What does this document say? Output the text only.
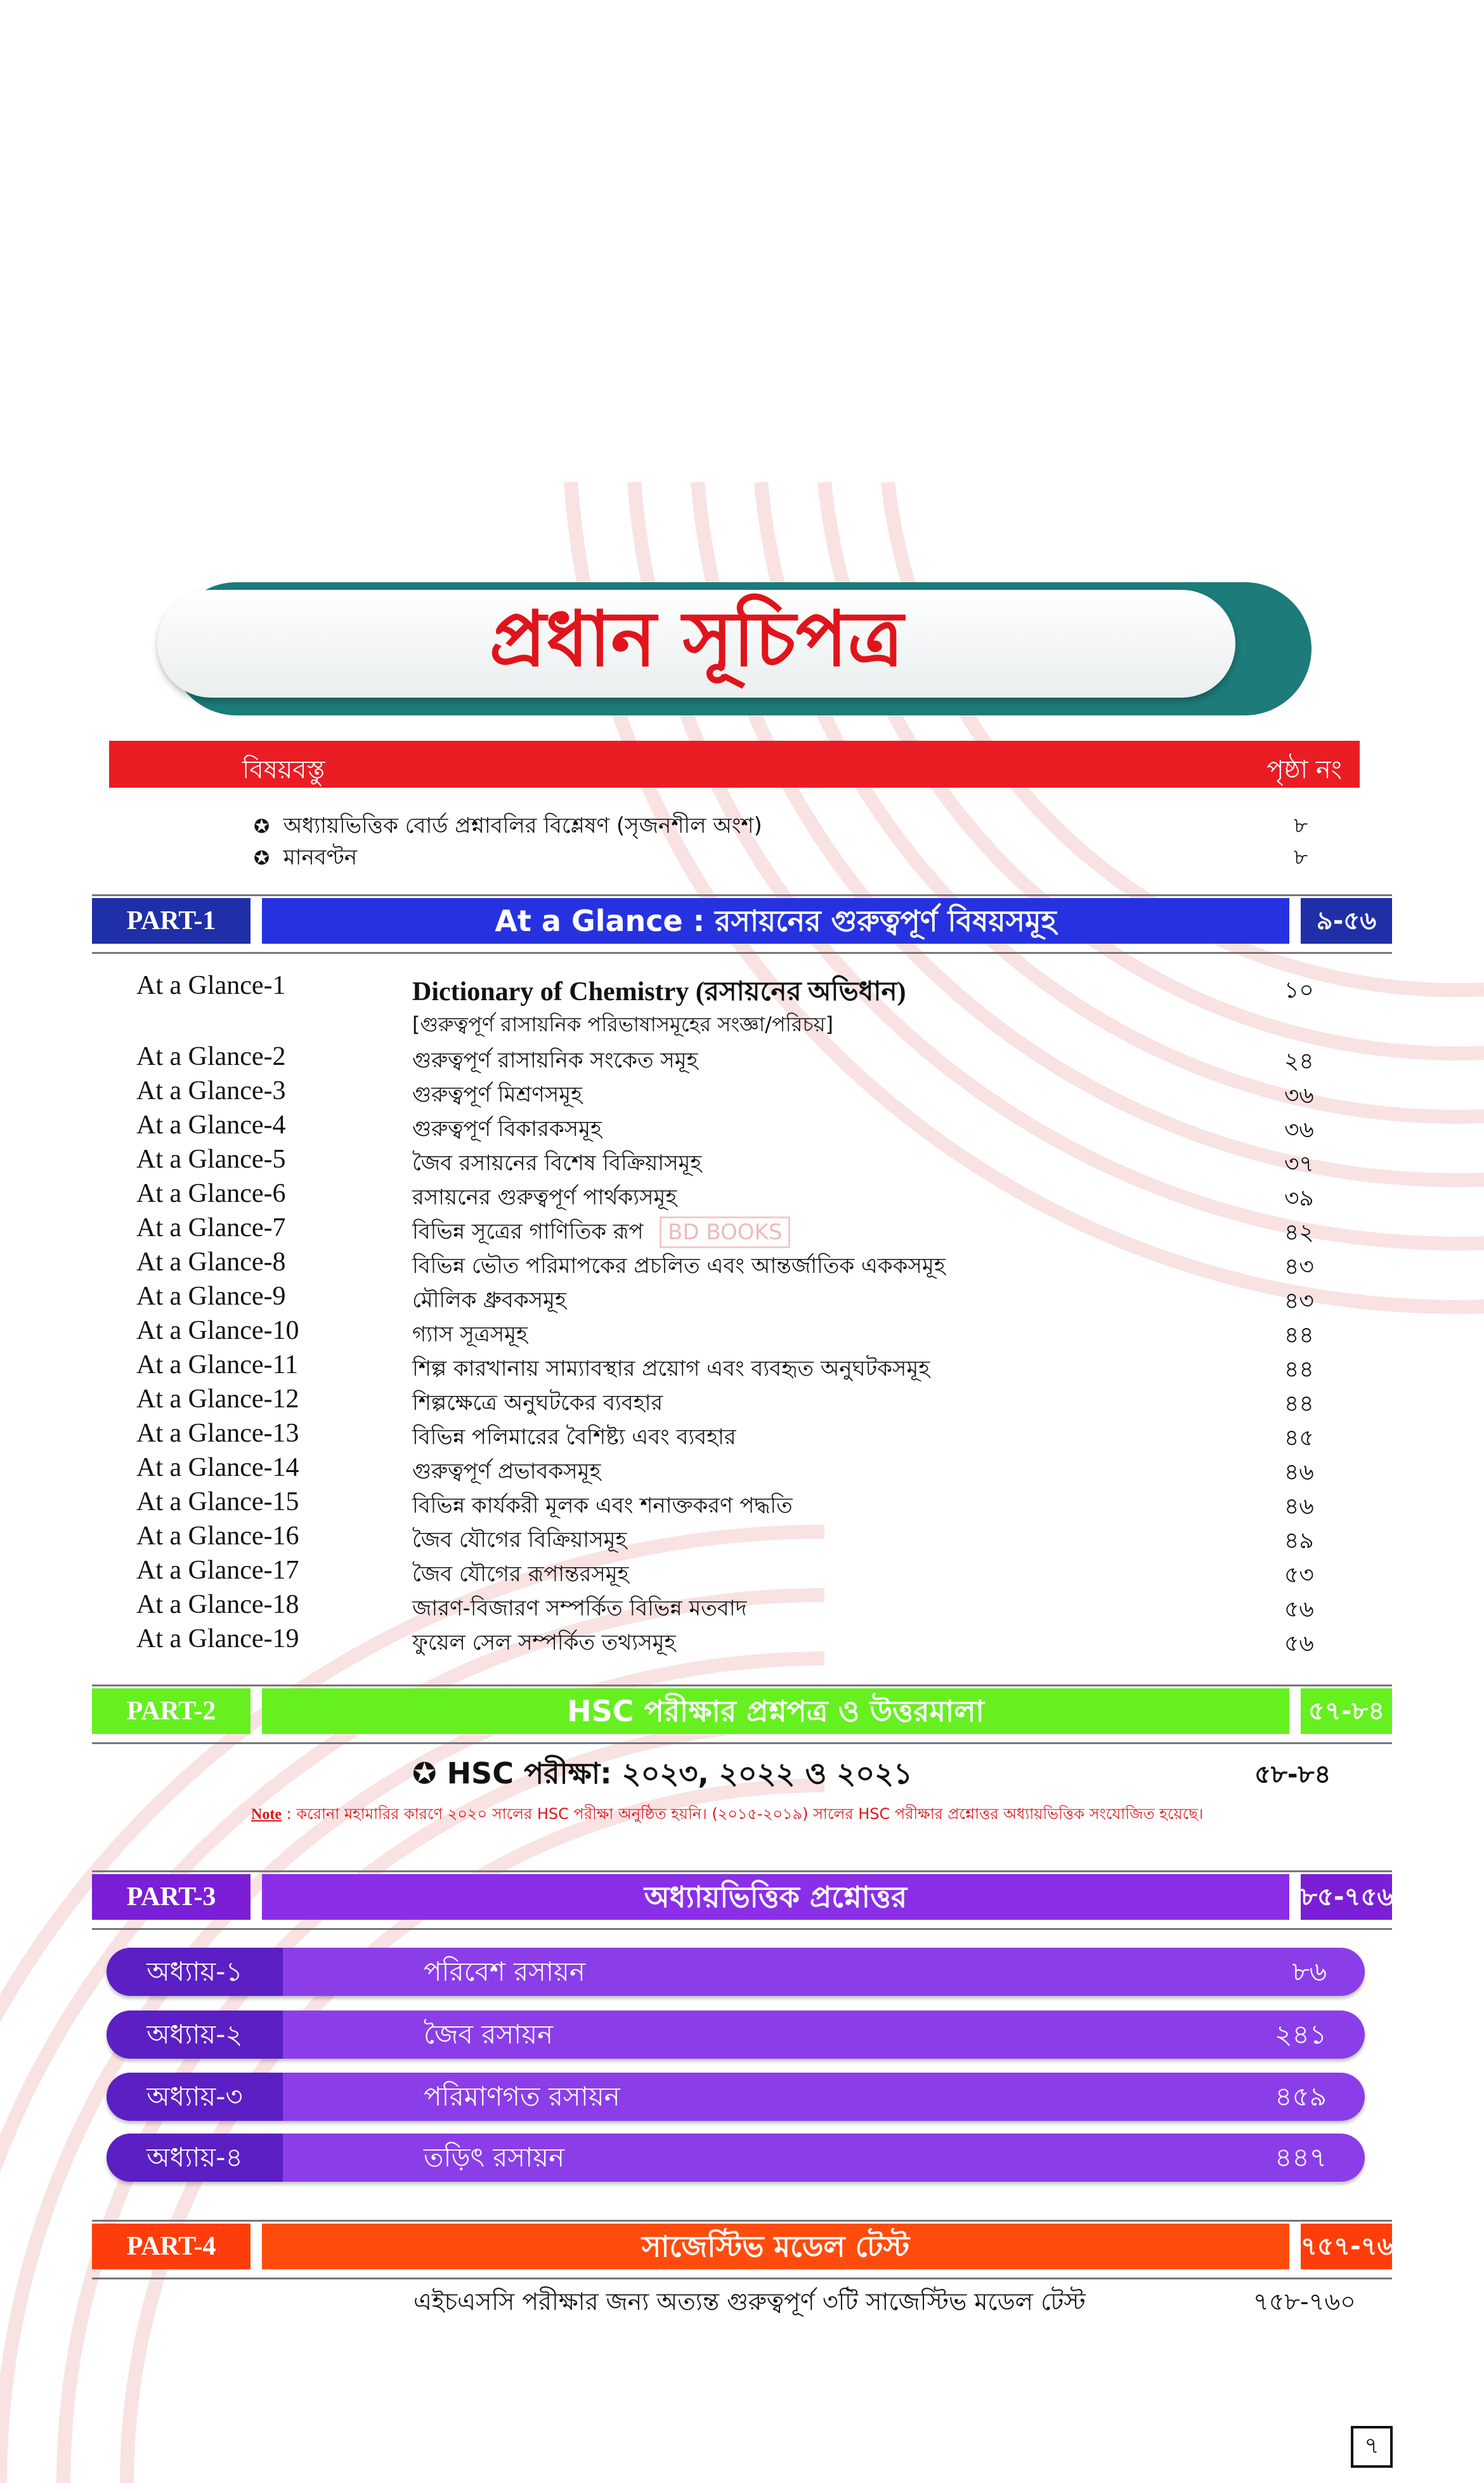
প্রধান সূচিপত্র
বিষয়বস্তু	পৃষ্ঠা নং
✪ অধ্যায়ভিত্তিক বোর্ড প্রশ্নাবলির বিশ্লেষণ (সৃজনশীল অংশ)	৮
✪ মানবণ্টন	৮
PART-1	At a Glance : রসায়নের গুরুত্বপূর্ণ বিষয়সমূহ	৯-৫৬
At a Glance-1	Dictionary of Chemistry (রসায়নের অভিধান)	১০
[গুরুত্বপূর্ণ রাসায়নিক পরিভাষাসমূহের সংজ্ঞা/পরিচয়]
At a Glance-2	গুরুত্বপূর্ণ রাসায়নিক সংকেত সমূহ	২৪
At a Glance-3	গুরুত্বপূর্ণ মিশ্রণসমূহ	৩৬
At a Glance-4	গুরুত্বপূর্ণ বিকারকসমূহ	৩৬
At a Glance-5	জৈব রসায়নের বিশেষ বিক্রিয়াসমূহ	৩৭
At a Glance-6	রসায়নের গুরুত্বপূর্ণ পার্থক্যসমূহ	৩৯
At a Glance-7	বিভিন্ন সূত্রের গাণিতিক রূপ	৪২
At a Glance-8	বিভিন্ন ভৌত পরিমাপকের প্রচলিত এবং আন্তর্জাতিক এককসমূহ	৪৩
At a Glance-9	মৌলিক ধ্রুবকসমূহ	৪৩
At a Glance-10	গ্যাস সূত্রসমূহ	৪৪
At a Glance-11	শিল্প কারখানায় সাম্যাবস্থার প্রয়োগ এবং ব্যবহৃত অনুঘটকসমূহ	৪৪
At a Glance-12	শিল্পক্ষেত্রে অনুঘটকের ব্যবহার	৪৪
At a Glance-13	বিভিন্ন পলিমারের বৈশিষ্ট্য এবং ব্যবহার	৪৫
At a Glance-14	গুরুত্বপূর্ণ প্রভাবকসমূহ	৪৬
At a Glance-15	বিভিন্ন কার্যকরী মূলক এবং শনাক্তকরণ পদ্ধতি	৪৬
At a Glance-16	জৈব যৌগের বিক্রিয়াসমূহ	৪৯
At a Glance-17	জৈব যৌগের রূপান্তরসমূহ	৫৩
At a Glance-18	জারণ-বিজারণ সম্পর্কিত বিভিন্ন মতবাদ	৫৬
At a Glance-19	ফুয়েল সেল সম্পর্কিত তথ্যসমূহ	৫৬
BD BOOKS
PART-2	HSC পরীক্ষার প্রশ্নপত্র ও উত্তরমালা	৫৭-৮৪
✪ HSC পরীক্ষা: ২০২৩, ২০২২ ও ২০২১	৫৮-৮৪
Note : করোনা মহামারির কারণে ২০২০ সালের HSC পরীক্ষা অনুষ্ঠিত হয়নি। (২০১৫-২০১৯) সালের HSC পরীক্ষার প্রশ্নোত্তর অধ্যায়ভিত্তিক সংযোজিত হয়েছে।
PART-3	অধ্যায়ভিত্তিক প্রশ্নোত্তর	৮৫-৭৫৬
অধ্যায়-১	পরিবেশ রসায়ন	৮৬
অধ্যায়-২	জৈব রসায়ন	২৪১
অধ্যায়-৩	পরিমাণগত রসায়ন	৪৫৯
অধ্যায়-৪	তড়িৎ রসায়ন	৪৪৭
PART-4	সাজেস্টিভ মডেল টেস্ট	৭৫৭-৭৬০
এইচএসসি পরীক্ষার জন্য অত্যন্ত গুরুত্বপূর্ণ ৩টি সাজেস্টিভ মডেল টেস্ট	৭৫৮-৭৬০
৭
